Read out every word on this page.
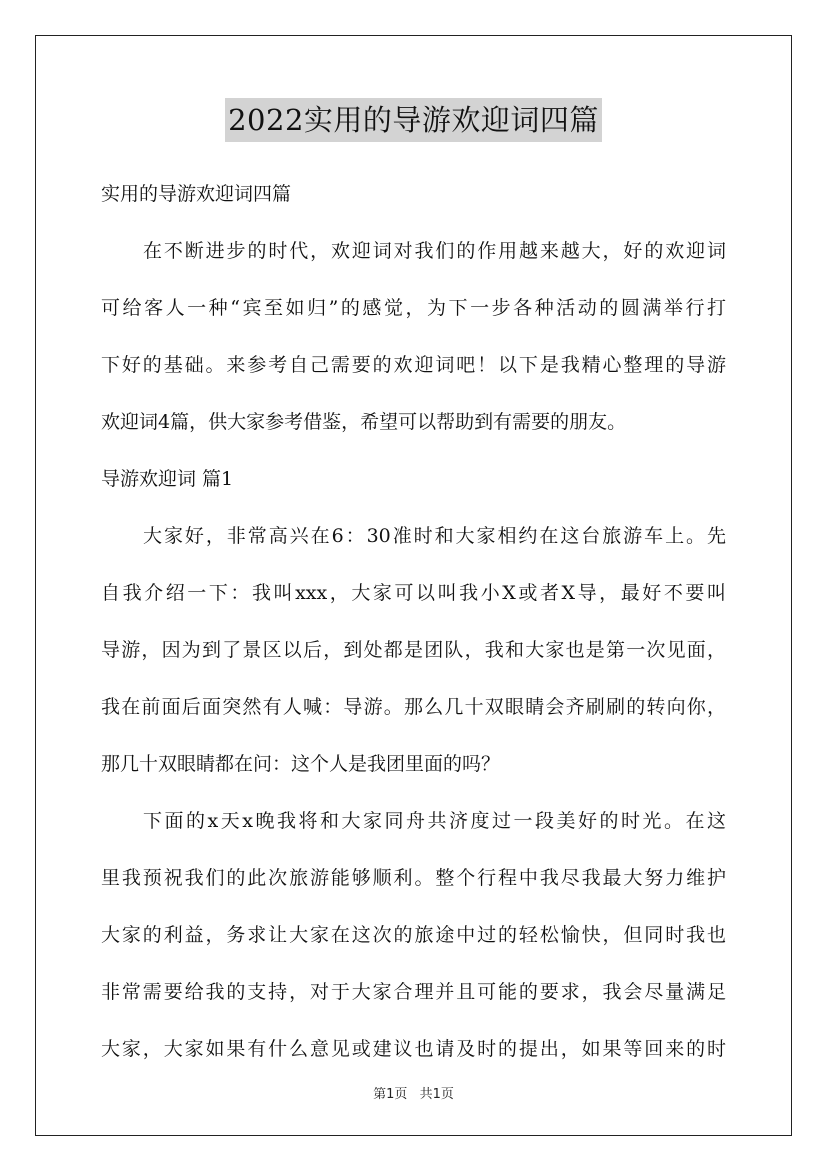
2022实用的导游欢迎词四篇
实用的导游欢迎词四篇
在不断进步的时代，欢迎词对我们的作用越来越大，好的欢迎词
可给客人一种“宾至如归”的感觉，为下一步各种活动的圆满举行打
下好的基础。来参考自己需要的欢迎词吧！以下是我精心整理的导游
欢迎词4篇，供大家参考借鉴，希望可以帮助到有需要的朋友。
导游欢迎词 篇1
大家好，非常高兴在6：30准时和大家相约在这台旅游车上。先
自我介绍一下：我叫xxx，大家可以叫我小X或者X导，最好不要叫
导游，因为到了景区以后，到处都是团队，我和大家也是第一次见面，
我在前面后面突然有人喊：导游。那么几十双眼睛会齐刷刷的转向你，
那几十双眼睛都在问：这个人是我团里面的吗？
下面的x天x晚我将和大家同舟共济度过一段美好的时光。在这
里我预祝我们的此次旅游能够顺利。整个行程中我尽我最大努力维护
大家的利益，务求让大家在这次的旅途中过的轻松愉快，但同时我也
非常需要给我的支持，对于大家合理并且可能的要求，我会尽量满足
大家，大家如果有什么意见或建议也请及时的提出，如果等回来的时
第1页 共1页
